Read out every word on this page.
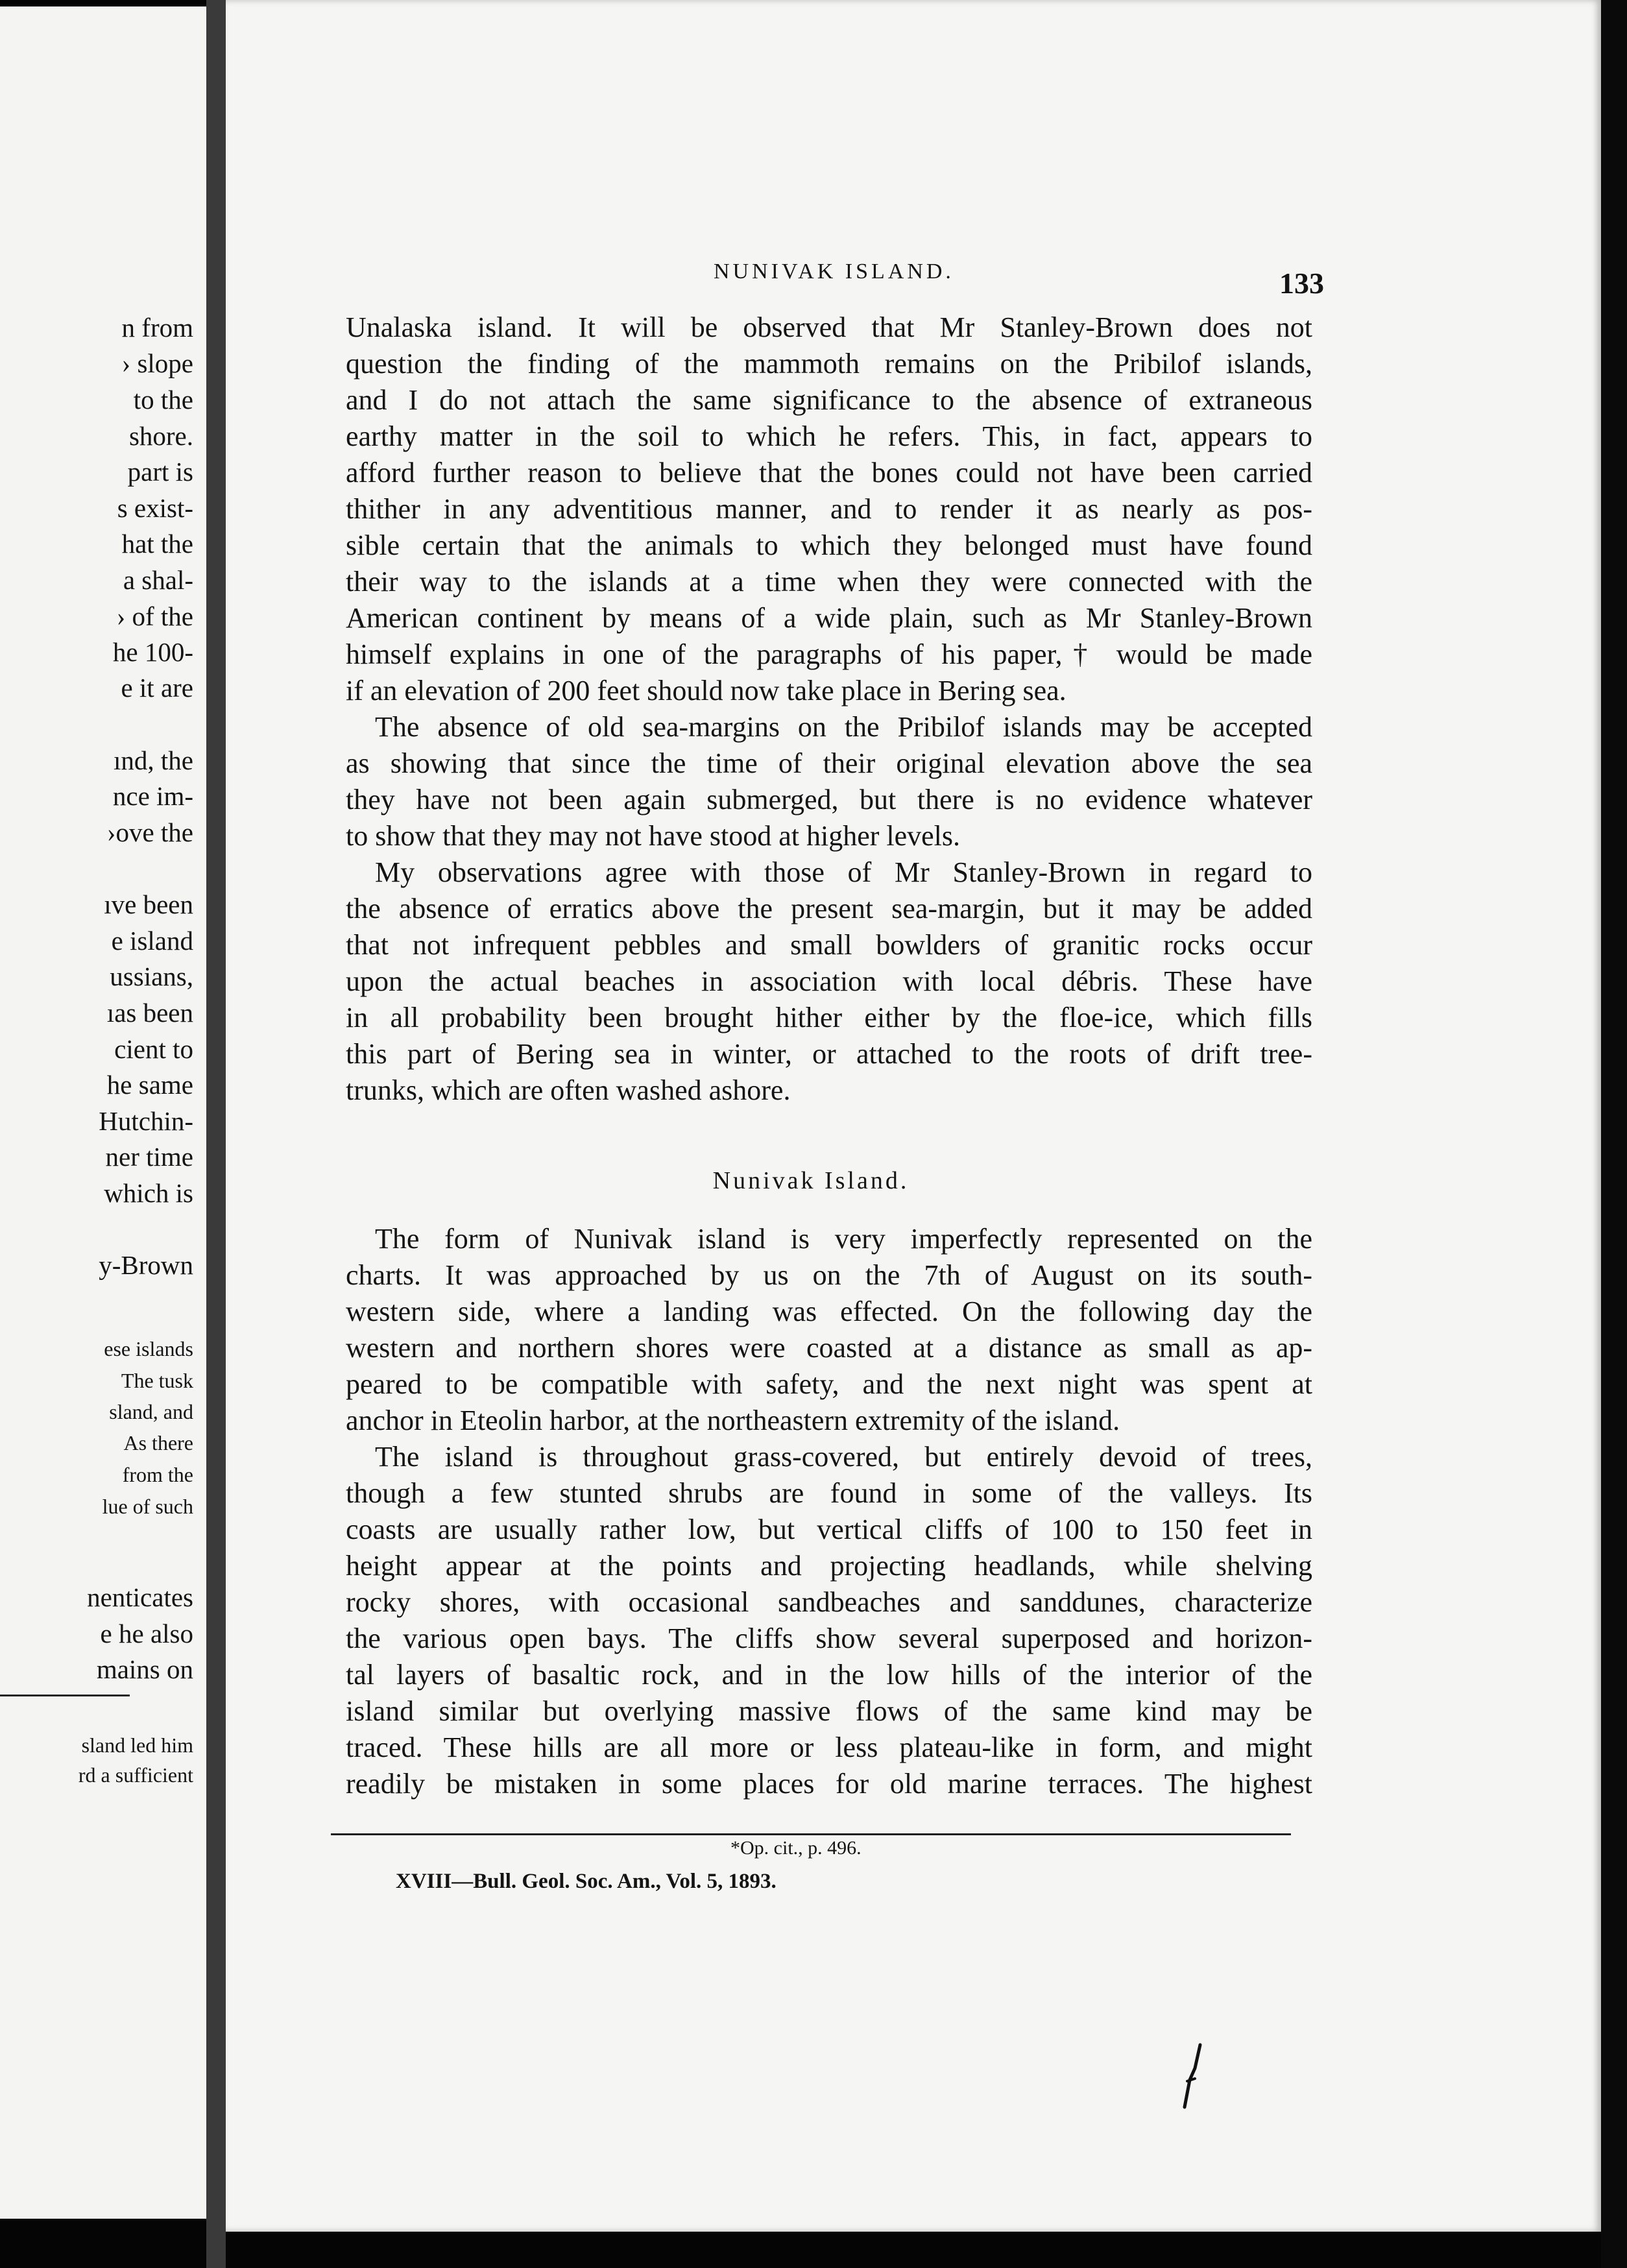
n from
› slope
to the
shore.
part is
s exist-
hat the
a shal-
› of the
he 100-
e it are
ınd, the
nce im-
›ove the
ıve been
e island
ussians,
ıas been
cient to
he same
Hutchin-
ner time
which is
y-Brown
ese islands
The tusk
sland, and
As there
from the
lue of such
nenticates
e he also
mains on
sland led him
rd a sufficient
NUNIVAK ISLAND.	133
Unalaska island. It will be observed that Mr Stanley-Brown does not
question the finding of the mammoth remains on the Pribilof islands,
and I do not attach the same significance to the absence of extraneous
earthy matter in the soil to which he refers. This, in fact, appears to
afford further reason to believe that the bones could not have been carried
thither in any adventitious manner, and to render it as nearly as pos-
sible certain that the animals to which they belonged must have found
their way to the islands at a time when they were connected with the
American continent by means of a wide plain, such as Mr Stanley-Brown
himself explains in one of the paragraphs of his paper,† would be made
if an elevation of 200 feet should now take place in Bering sea.
The absence of old sea-margins on the Pribilof islands may be accepted
as showing that since the time of their original elevation above the sea
they have not been again submerged, but there is no evidence whatever
to show that they may not have stood at higher levels.
My observations agree with those of Mr Stanley-Brown in regard to
the absence of erratics above the present sea-margin, but it may be added
that not infrequent pebbles and small bowlders of granitic rocks occur
upon the actual beaches in association with local débris. These have
in all probability been brought hither either by the floe-ice, which fills
this part of Bering sea in winter, or attached to the roots of drift tree-
trunks, which are often washed ashore.
Nunivak Island.
The form of Nunivak island is very imperfectly represented on the
charts. It was approached by us on the 7th of August on its south-
western side, where a landing was effected. On the following day the
western and northern shores were coasted at a distance as small as ap-
peared to be compatible with safety, and the next night was spent at
anchor in Eteolin harbor, at the northeastern extremity of the island.
The island is throughout grass-covered, but entirely devoid of trees,
though a few stunted shrubs are found in some of the valleys. Its
coasts are usually rather low, but vertical cliffs of 100 to 150 feet in
height appear at the points and projecting headlands, while shelving
rocky shores, with occasional sandbeaches and sanddunes, characterize
the various open bays. The cliffs show several superposed and horizon-
tal layers of basaltic rock, and in the low hills of the interior of the
island similar but overlying massive flows of the same kind may be
traced. These hills are all more or less plateau-like in form, and might
readily be mistaken in some places for old marine terraces. The highest
*Op. cit., p. 496.
XVIII—Bull. Geol. Soc. Am., Vol. 5, 1893.
